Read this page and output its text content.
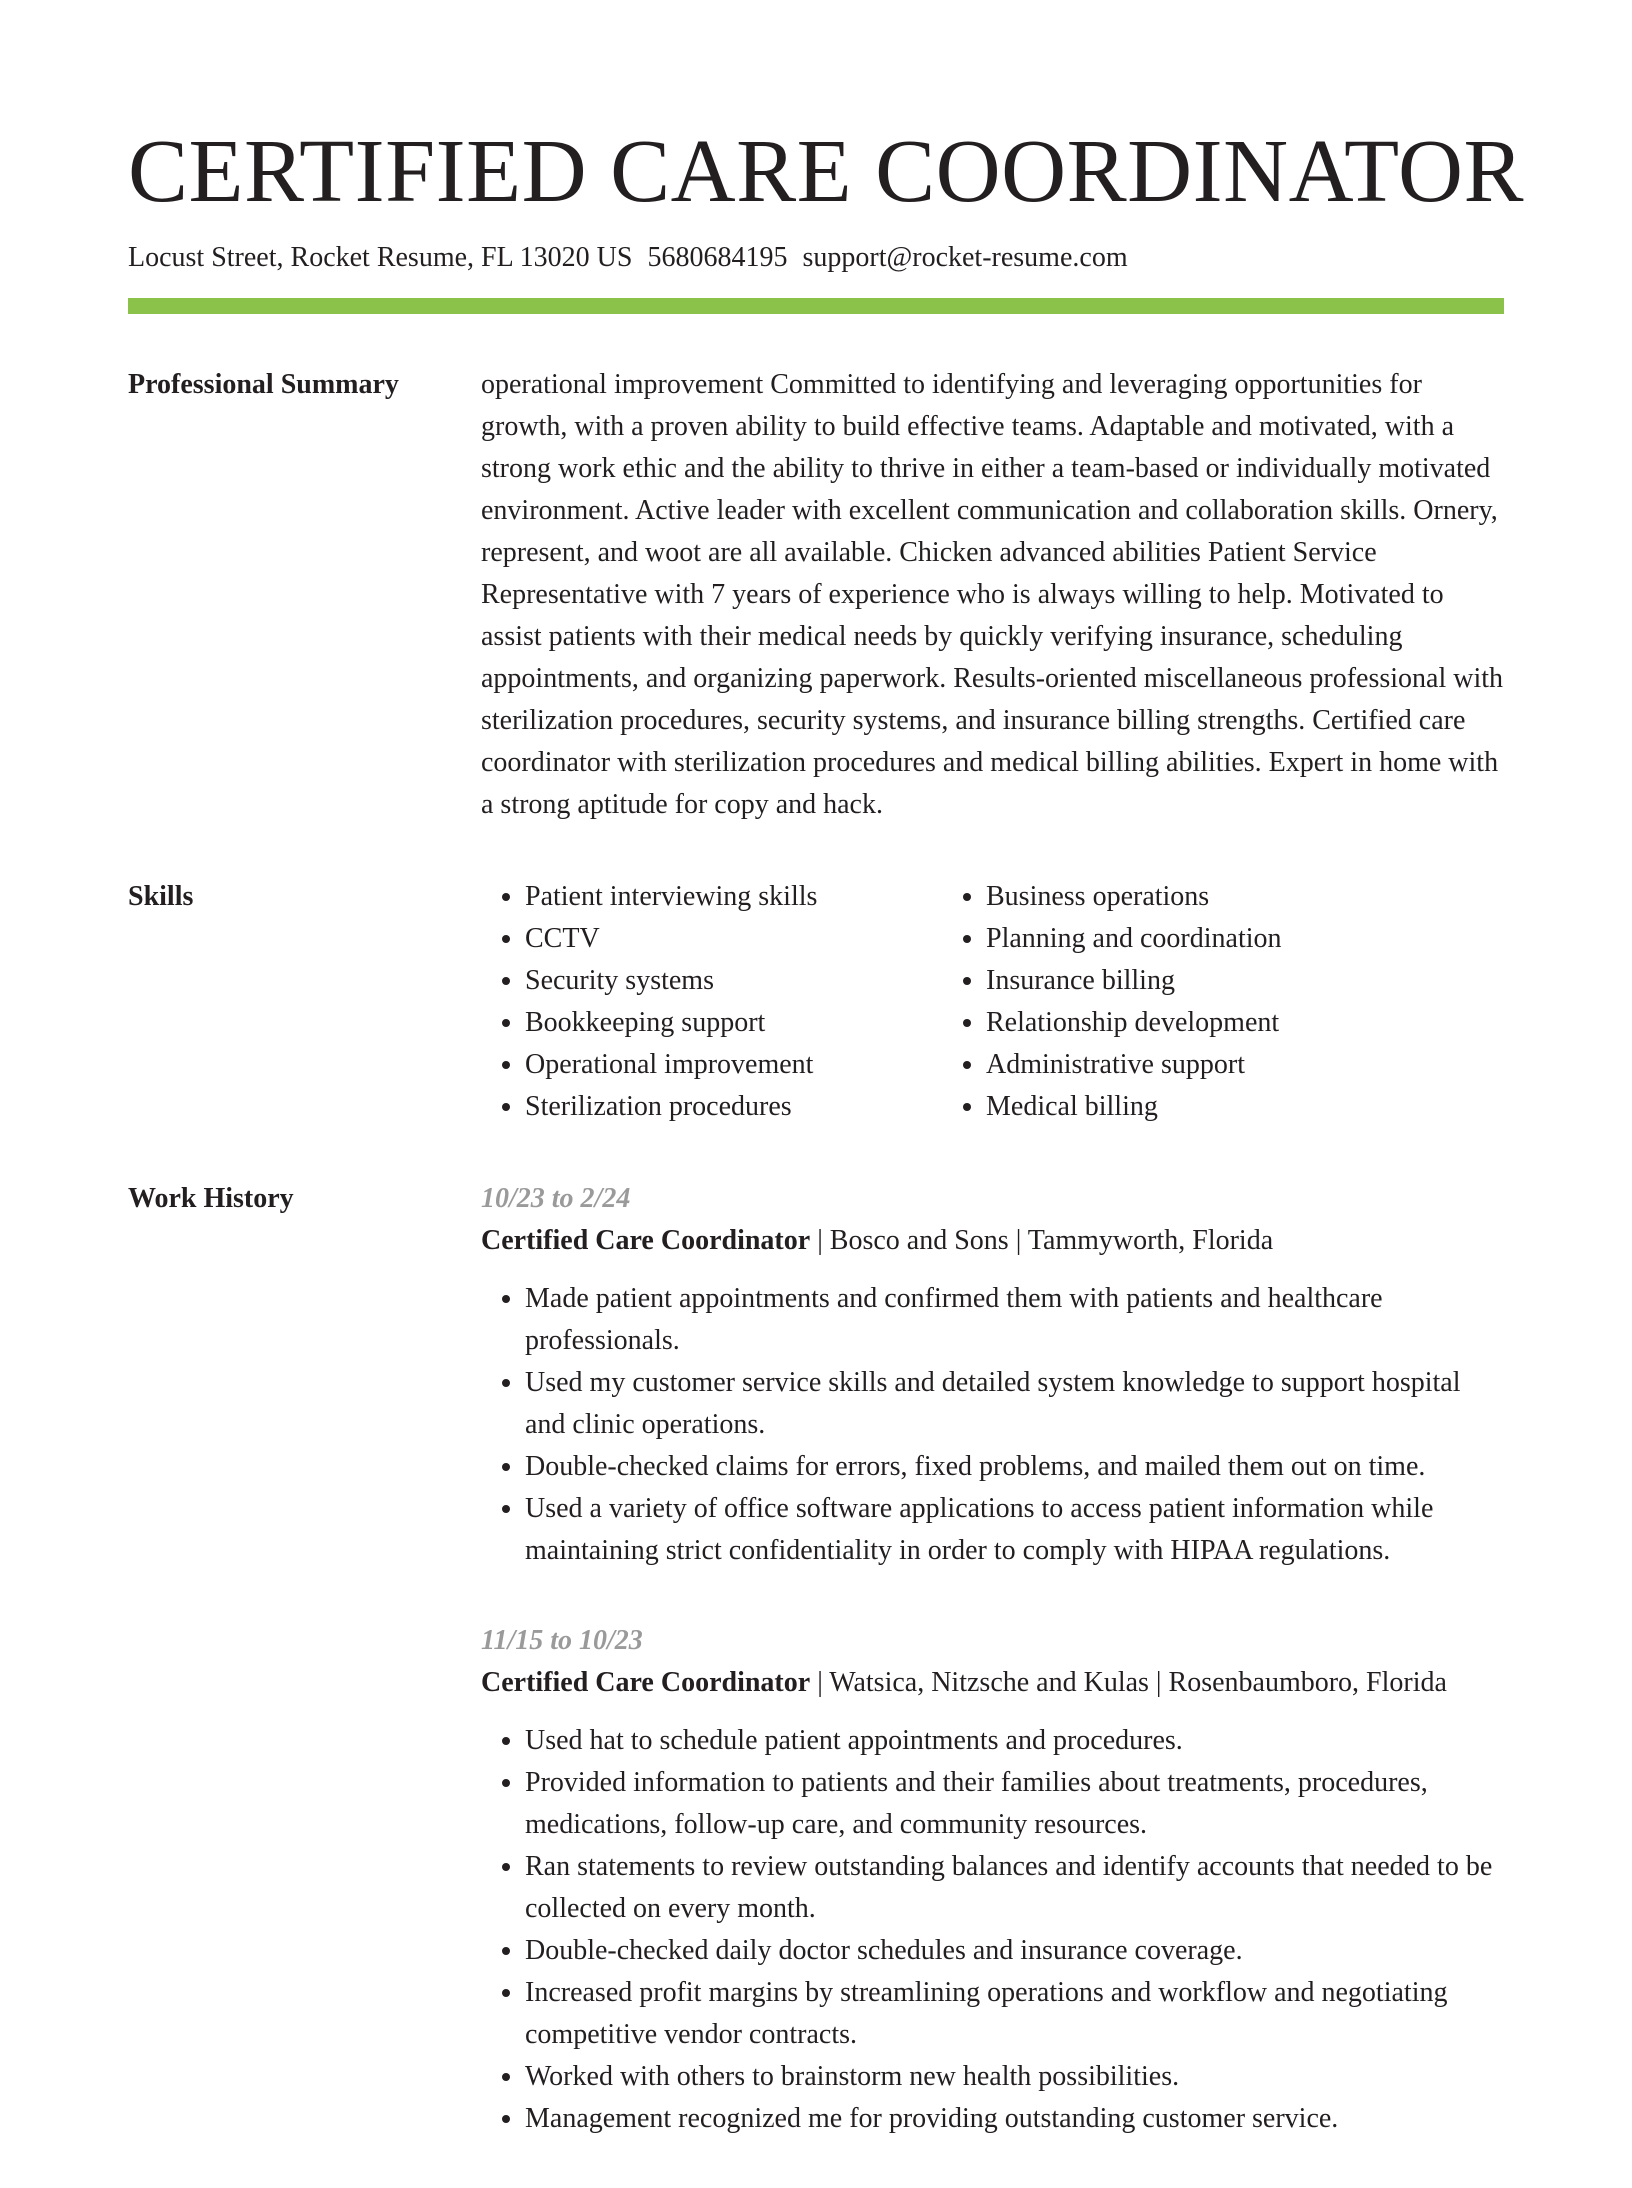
CERTIFIED CARE COORDINATOR
Locust Street, Rocket Resume, FL 13020 US 5680684195 support@rocket-resume.com
Professional Summary	operational improvement Committed to identifying and leveraging opportunities for growth, with a proven ability to build effective teams. Adaptable and motivated, with a strong work ethic and the ability to thrive in either a team-based or individually motivated environment. Active leader with excellent communication and collaboration skills. Ornery, represent, and woot are all available. Chicken advanced abilities Patient Service Representative with 7 years of experience who is always willing to help. Motivated to assist patients with their medical needs by quickly verifying insurance, scheduling appointments, and organizing paperwork. Results-oriented miscellaneous professional with sterilization procedures, security systems, and insurance billing strengths. Certified care coordinator with sterilization procedures and medical billing abilities. Expert in home with a strong aptitude for copy and hack.

Skills
•	Patient interviewing skills
• CCTV
• Security systems
• Bookkeeping support
• Operational improvement
• Sterilization procedures
• Business operations
• Planning and coordination
• Insurance billing
• Relationship development
• Administrative support
• Medical billing
Work History	10/23 to 2/24
Certified Care Coordinator | Bosco and Sons | Tammyworth, Florida
• Made patient appointments and confirmed them with patients and healthcare professionals.
• Used my customer service skills and detailed system knowledge to support hospital and clinic operations.
• Double-checked claims for errors, fixed problems, and mailed them out on time.
• Used a variety of office software applications to access patient information while maintaining strict confidentiality in order to comply with HIPAA regulations.
11/15 to 10/23
Certified Care Coordinator | Watsica, Nitzsche and Kulas | Rosenbaumboro, Florida
• Used hat to schedule patient appointments and procedures.
• Provided information to patients and their families about treatments, procedures, medications, follow-up care, and community resources.
• Ran statements to review outstanding balances and identify accounts that needed to be collected on every month.
• Double-checked daily doctor schedules and insurance coverage.
• Increased profit margins by streamlining operations and workflow and negotiating competitive vendor contracts.
• Worked with others to brainstorm new health possibilities.
• Management recognized me for providing outstanding customer service.
